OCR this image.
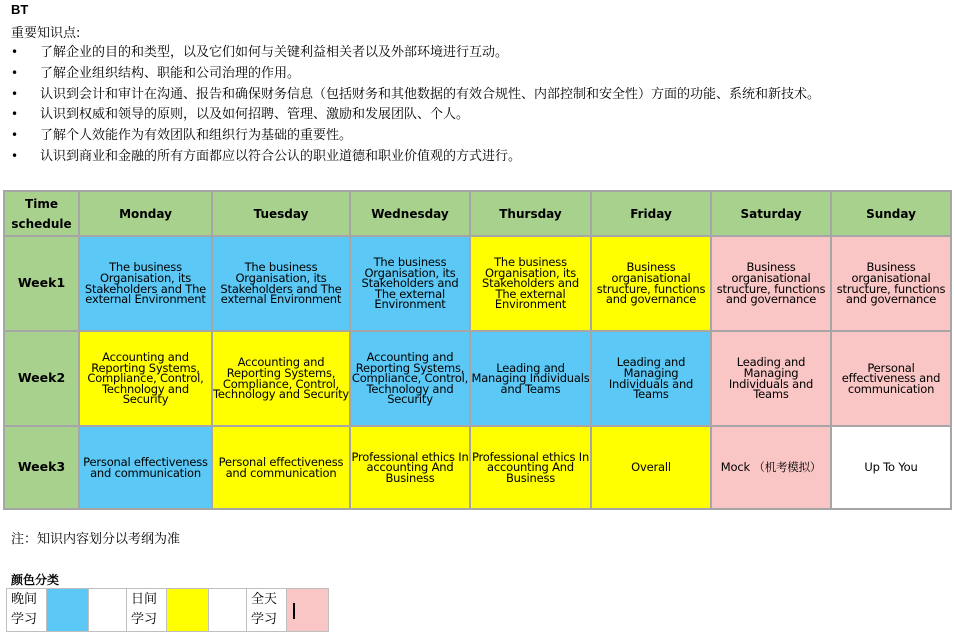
BT
重要知识点:
• 了解企业的目的和类型，以及它们如何与关键利益相关者以及外部环境进行互动。
• 了解企业组织结构、职能和公司治理的作用。
• 认识到会计和审计在沟通、报告和确保财务信息（包括财务和其他数据的有效合规性、内部控制和安全性）方面的功能、系统和新技术。
• 认识到权威和领导的原则，以及如何招聘、管理、激励和发展团队、个人。
• 了解个人效能作为有效团队和组织行为基础的重要性。
• 认识到商业和金融的所有方面都应以符合公认的职业道德和职业价值观的方式进行。
Time schedule	Monday	Tuesday	Wednesday	Thursday	Friday	Saturday	Sunday
Week1	The business Organisation, its Stakeholders and The external Environment	The business Organisation, its Stakeholders and The external Environment	The business Organisation, its Stakeholders and The external Environment	The business Organisation, its Stakeholders and The external Environment	Business organisational structure, functions and governance	Business organisational structure, functions and governance	Business organisational structure, functions and governance
Week2	Accounting and Reporting Systems, Compliance, Control, Technology and Security	Accounting and Reporting Systems, Compliance, Control, Technology and Security	Accounting and Reporting Systems, Compliance, Control, Technology and Security	Leading and Managing Individuals and Teams	Leading and Managing Individuals and Teams	Leading and Managing Individuals and Teams	Personal effectiveness and communication
Week3	Personal effectiveness and communication	Personal effectiveness and communication	Professional ethics In accounting And Business	Professional ethics In accounting And Business	Overall	Mock （机考模拟）	Up To You
注：知识内容划分以考纲为准
颜色分类
晚间学习			日间学习			全天学习	
